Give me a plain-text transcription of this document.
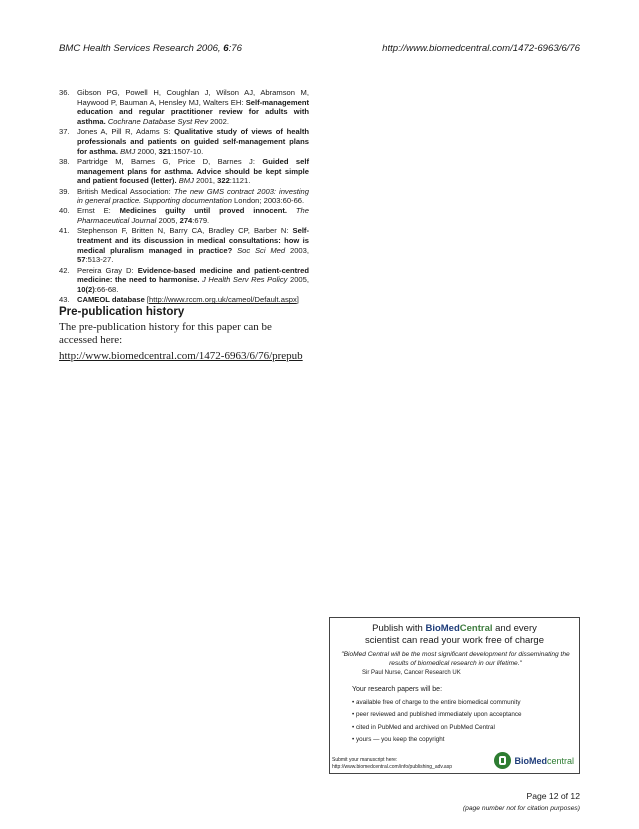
BMC Health Services Research 2006, 6:76	http://www.biomedcentral.com/1472-6963/6/76
36. Gibson PG, Powell H, Coughlan J, Wilson AJ, Abramson M, Haywood P, Bauman A, Hensley MJ, Walters EH: Self-management education and regular practitioner review for adults with asthma. Cochrane Database Syst Rev 2002.
37. Jones A, Pill R, Adams S: Qualitative study of views of health professionals and patients on guided self-management plans for asthma. BMJ 2000, 321:1507-10.
38. Partridge M, Barnes G, Price D, Barnes J: Guided self management plans for asthma. Advice should be kept simple and patient focused (letter). BMJ 2001, 322:1121.
39. British Medical Association: The new GMS contract 2003: investing in general practice. Supporting documentation London; 2003:60-66.
40. Ernst E: Medicines guilty until proved innocent. The Pharmaceutical Journal 2005, 274:679.
41. Stephenson F, Britten N, Barry CA, Bradley CP, Barber N: Self-treatment and its discussion in medical consultations: how is medical pluralism managed in practice? Soc Sci Med 2003, 57:513-27.
42. Pereira Gray D: Evidence-based medicine and patient-centred medicine: the need to harmonise. J Health Serv Res Policy 2005, 10(2):66-68.
43. CAMEOL database [http://www.rccm.org.uk/cameol/Default.aspx]
Pre-publication history
The pre-publication history for this paper can be accessed here:
http://www.biomedcentral.com/1472-6963/6/76/prepub
Publish with BioMedCentral and every
scientist can read your work free of charge
"BioMed Central will be the most significant development for disseminating the results of biomedical research in our lifetime."
Sir Paul Nurse, Cancer Research UK
Your research papers will be:
• available free of charge to the entire biomedical community
• peer reviewed and published immediately upon acceptance
• cited in PubMed and archived on PubMed Central
• yours — you keep the copyright
Submit your manuscript here:
http://www.biomedcentral.com/info/publishing_adv.asp
BioMedcentral
Page 12 of 12
(page number not for citation purposes)
